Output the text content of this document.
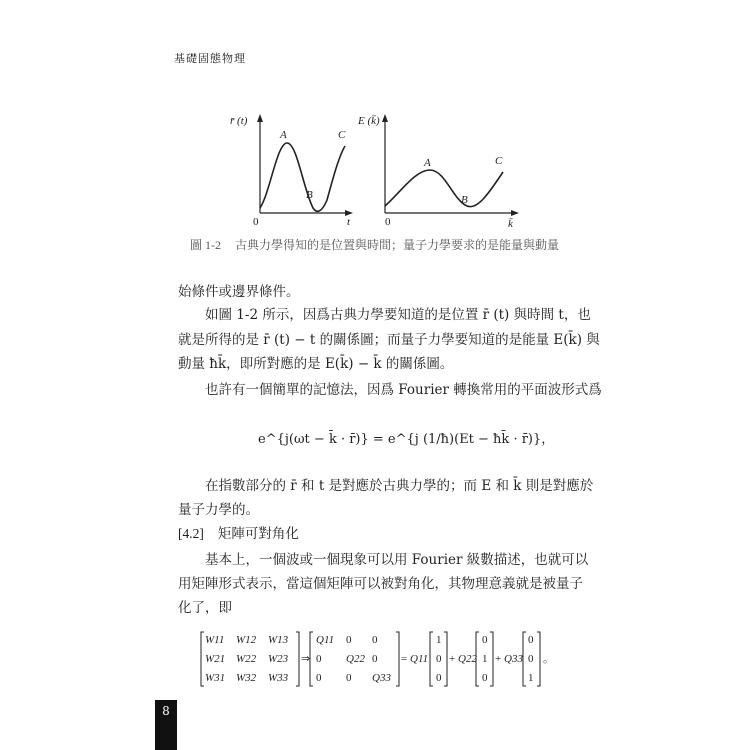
基礎固態物理
r̄ (t)
A
B
C
0	t
E (k̄)
A
B
C
0	k̄
圖 1-2 古典力學得知的是位置與時間；量子力學要求的是能量與動量
始條件或邊界條件。
如圖 1-2 所示，因爲古典力學要知道的是位置 r̄ (t) 與時間 t，也
就是所得的是 r̄ (t) − t 的關係圖；而量子力學要知道的是能量 E(k̄) 與
動量 ħk̄，即所對應的是 E(k̄) − k̄ 的關係圖。
也許有一個簡單的記憶法，因爲 Fourier 轉換常用的平面波形式爲
e^{j(ωt − k̄ · r̄)} = e^{j (1/ħ)(Et − ħk̄ · r̄)}，
在指數部分的 r̄ 和 t 是對應於古典力學的；而 E 和 k̄ 則是對應於
量子力學的。
[4.2] 矩陣可對角化
基本上，一個波或一個現象可以用 Fourier 級數描述，也就可以
用矩陣形式表示，當這個矩陣可以被對角化，其物理意義就是被量子
化了，即
W11 W12 W13
W21 W22 W23
W31 W32 W33
⇒
Q11 0 0
0 Q22 0
0 0 Q33
= Q11
1
0
0
+ Q22
0
1
0
+ Q33
0
0
1
。
8
